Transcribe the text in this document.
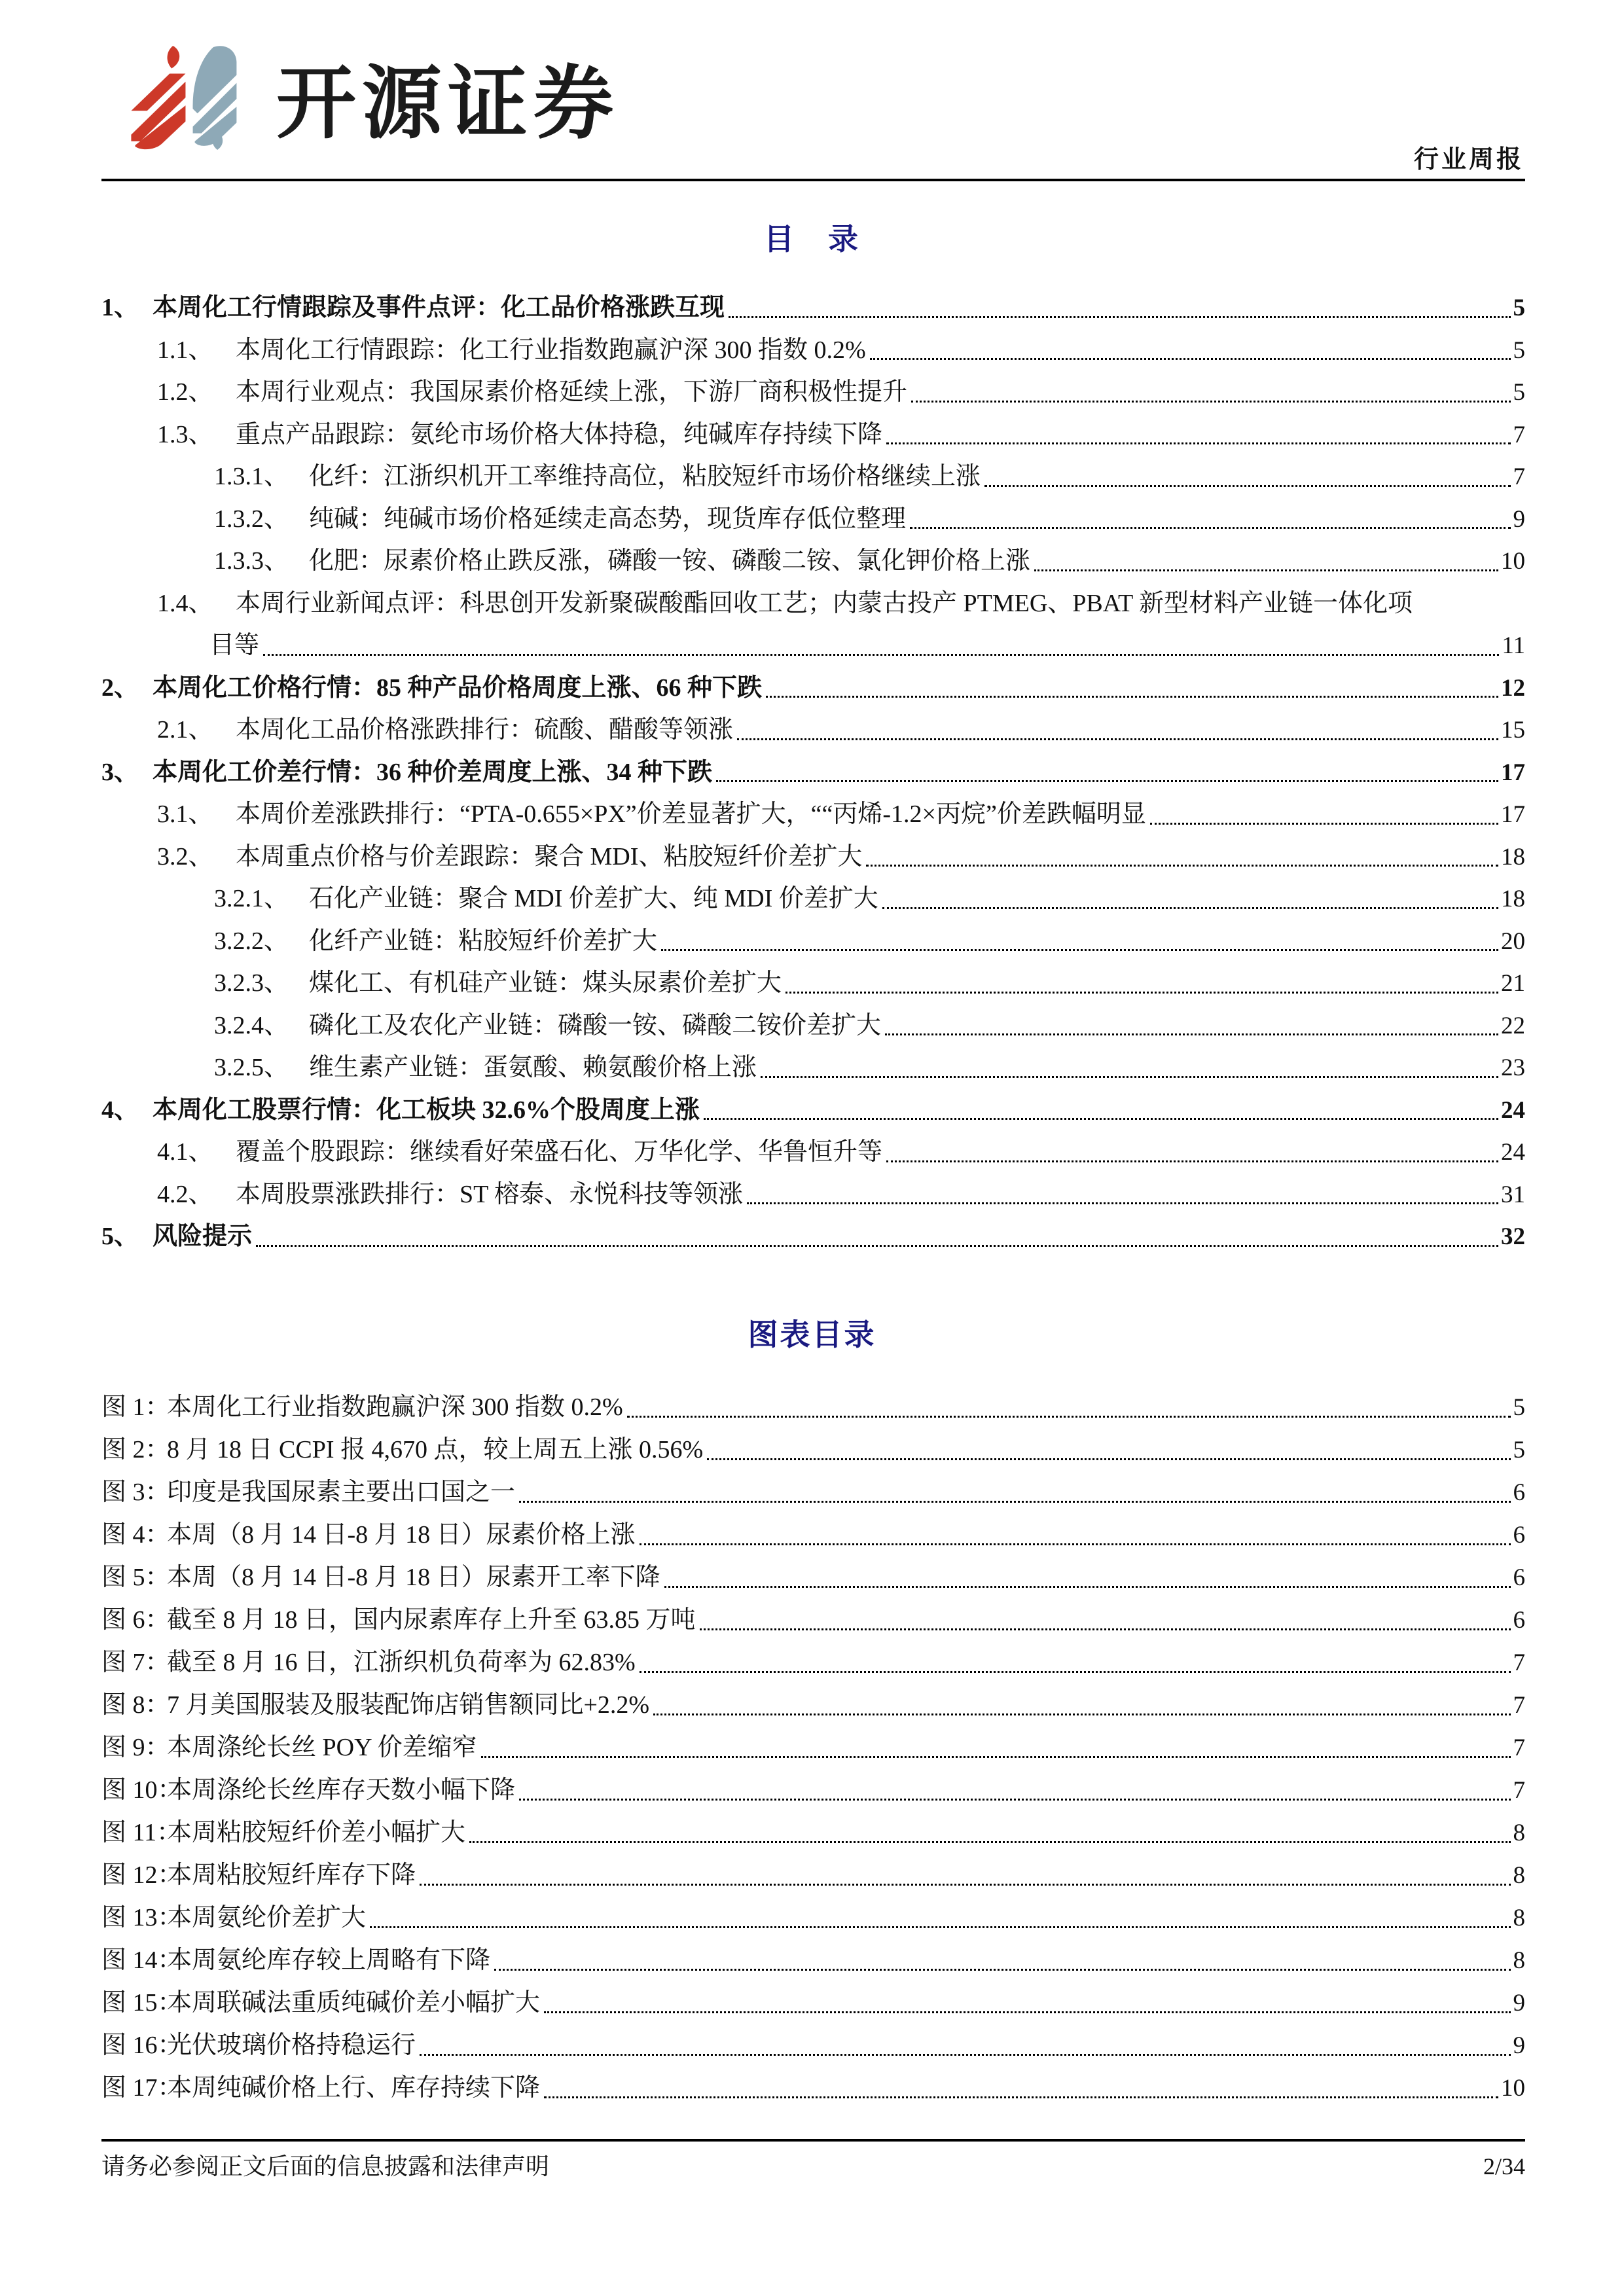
开源证券
行业周报
目　录
1、 本周化工行情跟踪及事件点评：化工品价格涨跌互现	5
1.1、 本周化工行情跟踪：化工行业指数跑赢沪深 300 指数 0.2%	5
1.2、 本周行业观点：我国尿素价格延续上涨，下游厂商积极性提升	5
1.3、 重点产品跟踪：氨纶市场价格大体持稳，纯碱库存持续下降	7
1.3.1、 化纤：江浙织机开工率维持高位，粘胶短纤市场价格继续上涨	7
1.3.2、 纯碱：纯碱市场价格延续走高态势，现货库存低位整理	9
1.3.3、 化肥：尿素价格止跌反涨，磷酸一铵、磷酸二铵、氯化钾价格上涨	10
1.4、 本周行业新闻点评：科思创开发新聚碳酸酯回收工艺；内蒙古投产 PTMEG、PBAT 新型材料产业链一体化项
目等	11
2、 本周化工价格行情：85 种产品价格周度上涨、66 种下跌	12
2.1、 本周化工品价格涨跌排行：硫酸、醋酸等领涨	15
3、 本周化工价差行情：36 种价差周度上涨、34 种下跌	17
3.1、 本周价差涨跌排行：“PTA-0.655×PX”价差显著扩大，““丙烯-1.2×丙烷”价差跌幅明显	17
3.2、 本周重点价格与价差跟踪：聚合 MDI、粘胶短纤价差扩大	18
3.2.1、 石化产业链：聚合 MDI 价差扩大、纯 MDI 价差扩大	18
3.2.2、 化纤产业链：粘胶短纤价差扩大	20
3.2.3、 煤化工、有机硅产业链：煤头尿素价差扩大	21
3.2.4、 磷化工及农化产业链：磷酸一铵、磷酸二铵价差扩大	22
3.2.5、 维生素产业链：蛋氨酸、赖氨酸价格上涨	23
4、 本周化工股票行情：化工板块 32.6%个股周度上涨	24
4.1、 覆盖个股跟踪：继续看好荣盛石化、万华化学、华鲁恒升等	24
4.2、 本周股票涨跌排行：ST 榕泰、永悦科技等领涨	31
5、 风险提示	32
图表目录
图 1：
本周化工行业指数跑赢沪深 300 指数 0.2%	5
图 2：
8 月 18 日 CCPI 报 4,670 点，较上周五上涨 0.56%	5
图 3：
印度是我国尿素主要出口国之一	6
图 4：
本周（8 月 14 日-8 月 18 日）尿素价格上涨	6
图 5：
本周（8 月 14 日-8 月 18 日）尿素开工率下降	6
图 6：
截至 8 月 18 日，国内尿素库存上升至 63.85 万吨	6
图 7：
截至 8 月 16 日，江浙织机负荷率为 62.83%	7
图 8：
7 月美国服装及服装配饰店销售额同比+2.2%	7
图 9：
本周涤纶长丝 POY 价差缩窄	7
图 10：
本周涤纶长丝库存天数小幅下降	7
图 11：
本周粘胶短纤价差小幅扩大	8
图 12：
本周粘胶短纤库存下降	8
图 13：
本周氨纶价差扩大	8
图 14：
本周氨纶库存较上周略有下降	8
图 15：
本周联碱法重质纯碱价差小幅扩大	9
图 16：
光伏玻璃价格持稳运行	9
图 17：
本周纯碱价格上行、库存持续下降	10
请务必参阅正文后面的信息披露和法律声明	2/34
